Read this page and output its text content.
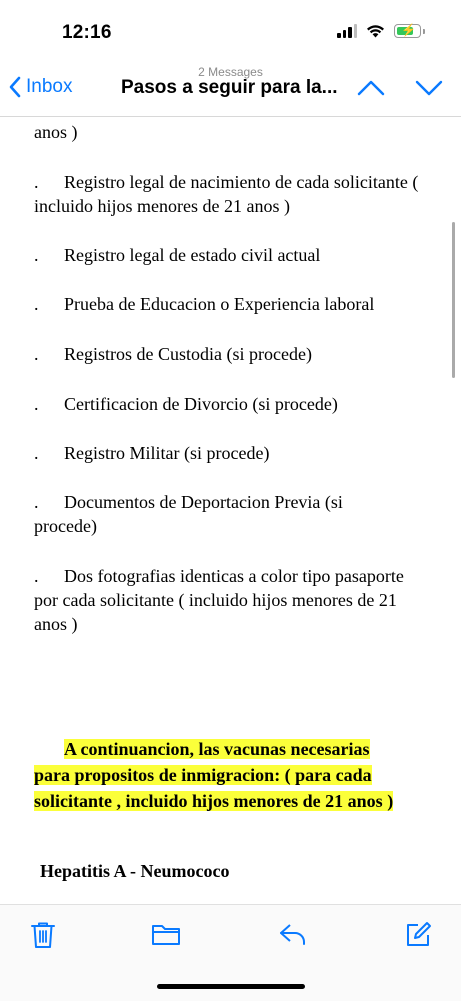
12:16	⚡
2 Messages
Inbox	Pasos a seguir para la...

anos )

. Registro legal de nacimiento de cada solicitante ( incluido hijos menores de 21 anos )

. Registro legal de estado civil actual

. Prueba de Educacion o Experiencia laboral

. Registros de Custodia (si procede)

. Certificacion de Divorcio (si procede)

. Registro Militar (si procede)

. Documentos de Deportacion Previa (si procede)

. Dos fotografias identicas a color tipo pasaporte por cada solicitante ( incluido hijos menores de 21 anos )

A continuancion, las vacunas necesarias
para propositos de inmigracion: ( para cada
solicitante , incluido hijos menores de 21 anos )

Hepatitis A - Neumococo
